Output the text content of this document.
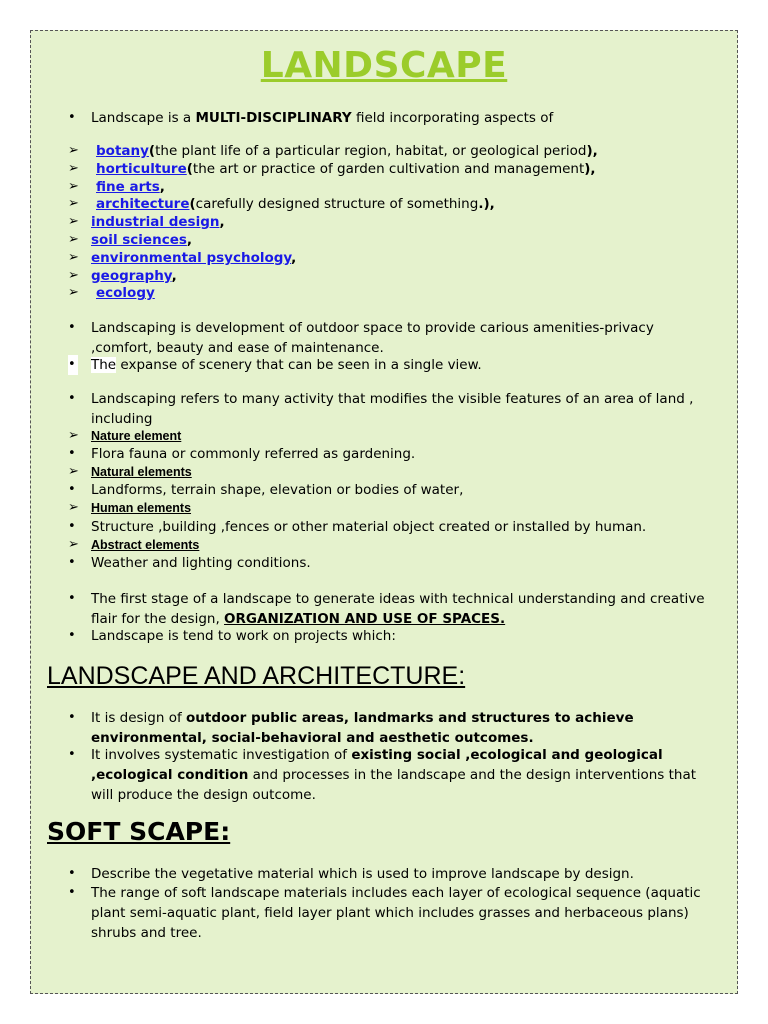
LANDSCAPE
• Landscape is a MULTI-DISCIPLINARY field incorporating aspects of
➢ botany(the plant life of a particular region, habitat, or geological period),
➢ horticulture(the art or practice of garden cultivation and management),
➢ fine arts,
➢ architecture(carefully designed structure of something.),
➢ industrial design,
➢ soil sciences,
➢ environmental psychology,
➢ geography,
➢ ecology
• Landscaping is development of outdoor space to provide carious amenities-privacy
,comfort, beauty and ease of maintenance.
• The expanse of scenery that can be seen in a single view.
• Landscaping refers to many activity that modifies the visible features of an area of land ,
including
➢ Nature element
• Flora fauna or commonly referred as gardening.
➢ Natural elements
• Landforms, terrain shape, elevation or bodies of water,
➢ Human elements
• Structure ,building ,fences or other material object created or installed by human.
➢ Abstract elements
• Weather and lighting conditions.
• The first stage of a landscape to generate ideas with technical understanding and creative
flair for the design, ORGANIZATION AND USE OF SPACES.
• Landscape is tend to work on projects which:
LANDSCAPE AND ARCHITECTURE:
• It is design of outdoor public areas, landmarks and structures to achieve
environmental, social-behavioral and aesthetic outcomes.
• It involves systematic investigation of existing social ,ecological and geological
,ecological condition and processes in the landscape and the design interventions that
will produce the design outcome.
SOFT SCAPE:
• Describe the vegetative material which is used to improve landscape by design.
• The range of soft landscape materials includes each layer of ecological sequence (aquatic
plant semi-aquatic plant, field layer plant which includes grasses and herbaceous plans)
shrubs and tree.
